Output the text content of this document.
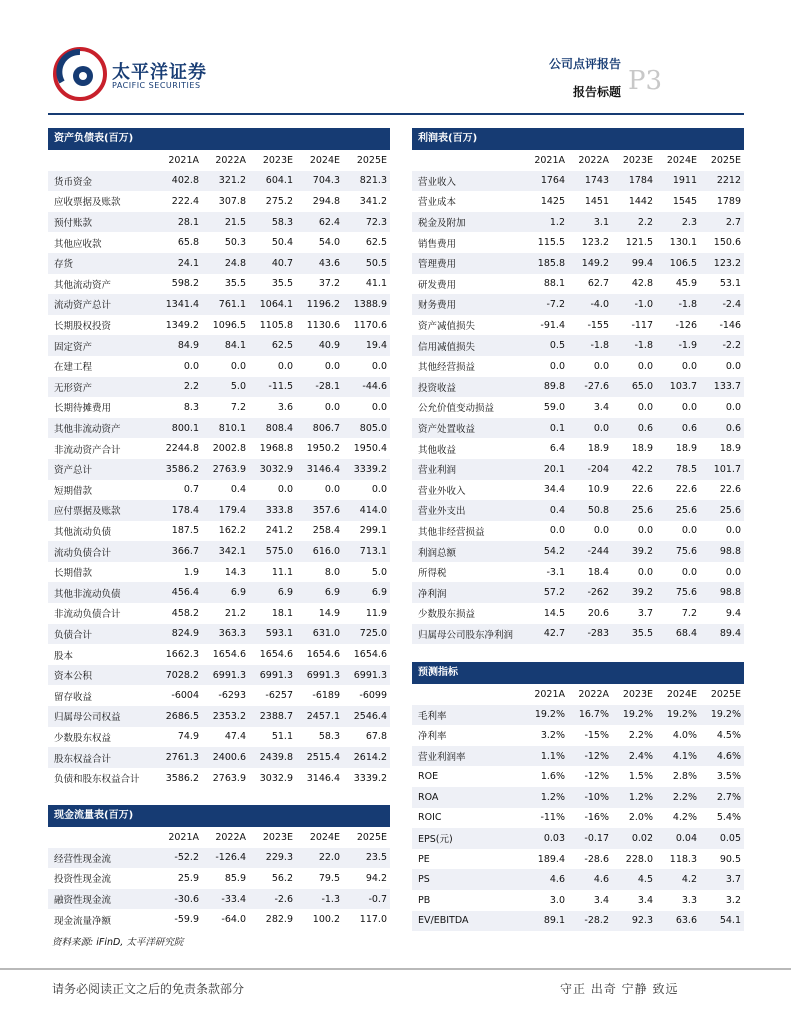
太平洋证券
PACIFIC SECURITIES
公司点评报告
报告标题 P3
资产负债表(百万)
	2021A	2022A	2023E	2024E	2025E
货币资金	402.8	321.2	604.1	704.3	821.3
应收票据及账款	222.4	307.8	275.2	294.8	341.2
预付账款	28.1	21.5	58.3	62.4	72.3
其他应收款	65.8	50.3	50.4	54.0	62.5
存货	24.1	24.8	40.7	43.6	50.5
其他流动资产	598.2	35.5	35.5	37.2	41.1
流动资产总计	1341.4	761.1	1064.1	1196.2	1388.9
长期股权投资	1349.2	1096.5	1105.8	1130.6	1170.6
固定资产	84.9	84.1	62.5	40.9	19.4
在建工程	0.0	0.0	0.0	0.0	0.0
无形资产	2.2	5.0	-11.5	-28.1	-44.6
长期待摊费用	8.3	7.2	3.6	0.0	0.0
其他非流动资产	800.1	810.1	808.4	806.7	805.0
非流动资产合计	2244.8	2002.8	1968.8	1950.2	1950.4
资产总计	3586.2	2763.9	3032.9	3146.4	3339.2
短期借款	0.7	0.4	0.0	0.0	0.0
应付票据及账款	178.4	179.4	333.8	357.6	414.0
其他流动负债	187.5	162.2	241.2	258.4	299.1
流动负债合计	366.7	342.1	575.0	616.0	713.1
长期借款	1.9	14.3	11.1	8.0	5.0
其他非流动负债	456.4	6.9	6.9	6.9	6.9
非流动负债合计	458.2	21.2	18.1	14.9	11.9
负债合计	824.9	363.3	593.1	631.0	725.0
股本	1662.3	1654.6	1654.6	1654.6	1654.6
资本公积	7028.2	6991.3	6991.3	6991.3	6991.3
留存收益	-6004	-6293	-6257	-6189	-6099
归属母公司权益	2686.5	2353.2	2388.7	2457.1	2546.4
少数股东权益	74.9	47.4	51.1	58.3	67.8
股东权益合计	2761.3	2400.6	2439.8	2515.4	2614.2
负债和股东权益合计	3586.2	2763.9	3032.9	3146.4	3339.2
现金流量表(百万)
	2021A	2022A	2023E	2024E	2025E
经营性现金流	-52.2	-126.4	229.3	22.0	23.5
投资性现金流	25.9	85.9	56.2	79.5	94.2
融资性现金流	-30.6	-33.4	-2.6	-1.3	-0.7
现金流量净额	-59.9	-64.0	282.9	100.2	117.0
利润表(百万)
	2021A	2022A	2023E	2024E	2025E
营业收入	1764	1743	1784	1911	2212
营业成本	1425	1451	1442	1545	1789
税金及附加	1.2	3.1	2.2	2.3	2.7
销售费用	115.5	123.2	121.5	130.1	150.6
管理费用	185.8	149.2	99.4	106.5	123.2
研发费用	88.1	62.7	42.8	45.9	53.1
财务费用	-7.2	-4.0	-1.0	-1.8	-2.4
资产减值损失	-91.4	-155	-117	-126	-146
信用减值损失	0.5	-1.8	-1.8	-1.9	-2.2
其他经营损益	0.0	0.0	0.0	0.0	0.0
投资收益	89.8	-27.6	65.0	103.7	133.7
公允价值变动损益	59.0	3.4	0.0	0.0	0.0
资产处置收益	0.1	0.0	0.6	0.6	0.6
其他收益	6.4	18.9	18.9	18.9	18.9
营业利润	20.1	-204	42.2	78.5	101.7
营业外收入	34.4	10.9	22.6	22.6	22.6
营业外支出	0.4	50.8	25.6	25.6	25.6
其他非经营损益	0.0	0.0	0.0	0.0	0.0
利润总额	54.2	-244	39.2	75.6	98.8
所得税	-3.1	18.4	0.0	0.0	0.0
净利润	57.2	-262	39.2	75.6	98.8
少数股东损益	14.5	20.6	3.7	7.2	9.4
归属母公司股东净利润	42.7	-283	35.5	68.4	89.4
预测指标
	2021A	2022A	2023E	2024E	2025E
毛利率	19.2%	16.7%	19.2%	19.2%	19.2%
净利率	3.2%	-15%	2.2%	4.0%	4.5%
营业利润率	1.1%	-12%	2.4%	4.1%	4.6%
ROE	1.6%	-12%	1.5%	2.8%	3.5%
ROA	1.2%	-10%	1.2%	2.2%	2.7%
ROIC	-11%	-16%	2.0%	4.2%	5.4%
EPS(元)	0.03	-0.17	0.02	0.04	0.05
PE	189.4	-28.6	228.0	118.3	90.5
PS	4.6	4.6	4.5	4.2	3.7
PB	3.0	3.4	3.4	3.3	3.2
EV/EBITDA	89.1	-28.2	92.3	63.6	54.1
资料来源: iFinD, 太平洋研究院
请务必阅读正文之后的免责条款部分	守正 出奇 宁静 致远
